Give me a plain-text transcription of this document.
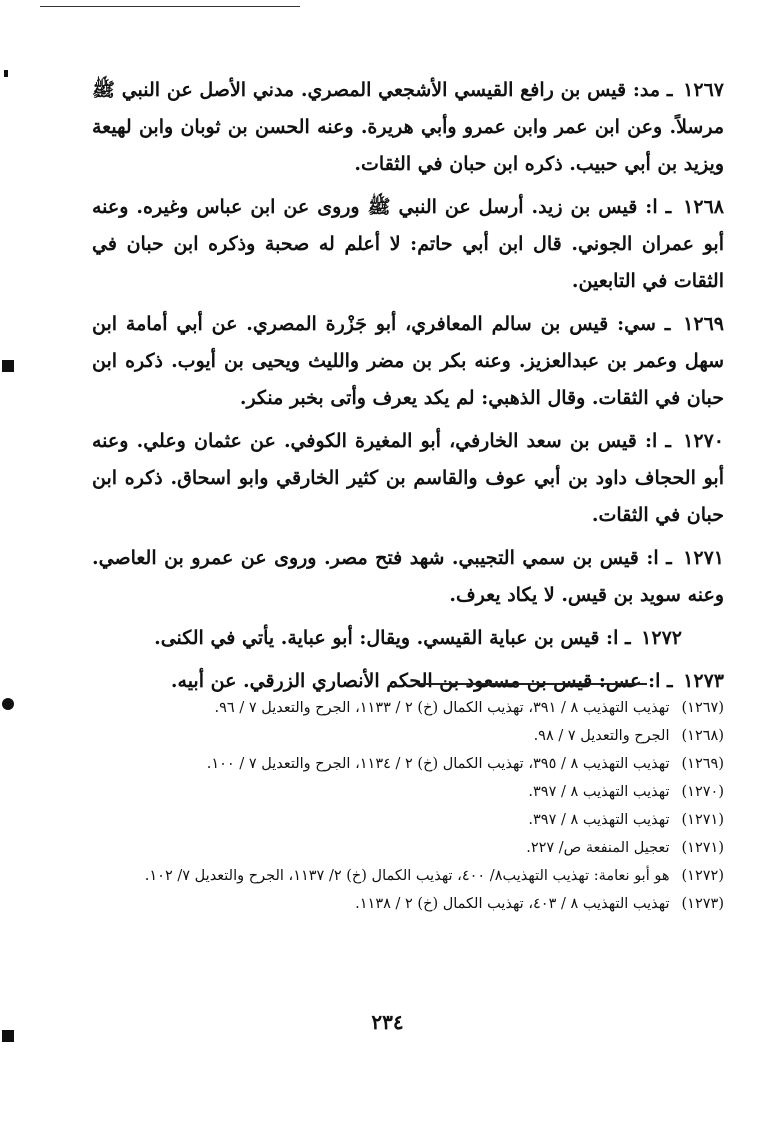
١٢٦٧ ـ مد: قيس بن رافع القيسي الأشجعي المصري. مدني الأصل عن النبي ﷺ مرسلاً. وعن ابن عمر وابن عمرو وأبي هريرة. وعنه الحسن بن ثوبان وابن لهيعة ويزيد بن أبي حبيب. ذكره ابن حبان في الثقات.

١٢٦٨ ـ ا: قيس بن زيد. أرسل عن النبي ﷺ وروى عن ابن عباس وغيره. وعنه أبو عمران الجوني. قال ابن أبي حاتم: لا أعلم له صحبة وذكره ابن حبان في الثقات في التابعين.

١٢٦٩ ـ سي: قيس بن سالم المعافري، أبو جَزْرة المصري. عن أبي أمامة ابن سهل وعمر بن عبدالعزيز. وعنه بكر بن مضر والليث ويحيى بن أيوب. ذكره ابن حبان في الثقات. وقال الذهبي: لم يكد يعرف وأتى بخبر منكر.

١٢٧٠ ـ ا: قيس بن سعد الخارفي، أبو المغيرة الكوفي. عن عثمان وعلي. وعنه أبو الحجاف داود بن أبي عوف والقاسم بن كثير الخارقي وابو اسحاق. ذكره ابن حبان في الثقات.

١٢٧١ ـ ا: قيس بن سمي التجيبي. شهد فتح مصر. وروى عن عمرو بن العاصي. وعنه سويد بن قيس. لا يكاد يعرف.

١٢٧٢ ـ ا: قيس بن عباية القيسي. ويقال: أبو عباية. يأتي في الكنى.

١٢٧٣ ـ ا: عس: قيس بن مسعود بن الحكم الأنصاري الزرقي. عن أبيه.

(١٢٦٧)تهذيب التهذيب ٨ / ٣٩١، تهذيب الكمال (خ) ٢ / ١١٣٣، الجرح والتعديل ٧ / ٩٦.
(١٢٦٨)الجرح والتعديل ٧ / ٩٨.
(١٢٦٩)تهذيب التهذيب ٨ / ٣٩٥، تهذيب الكمال (خ) ٢ / ١١٣٤، الجرح والتعديل ٧ / ١٠٠.
(١٢٧٠)تهذيب التهذيب ٨ / ٣٩٧.
(١٢٧١)تهذيب التهذيب ٨ / ٣٩٧.
(١٢٧١)تعجيل المنفعة ص/ ٢٢٧.
(١٢٧٢)هو أبو نعامة: تهذيب التهذيب٨/ ٤٠٠، تهذيب الكمال (خ) ٢/ ١١٣٧، الجرح والتعديل ٧/ ١٠٢.
(١٢٧٣)تهذيب التهذيب ٨ / ٤٠٣، تهذيب الكمال (خ) ٢ / ١١٣٨.
٢٣٤
